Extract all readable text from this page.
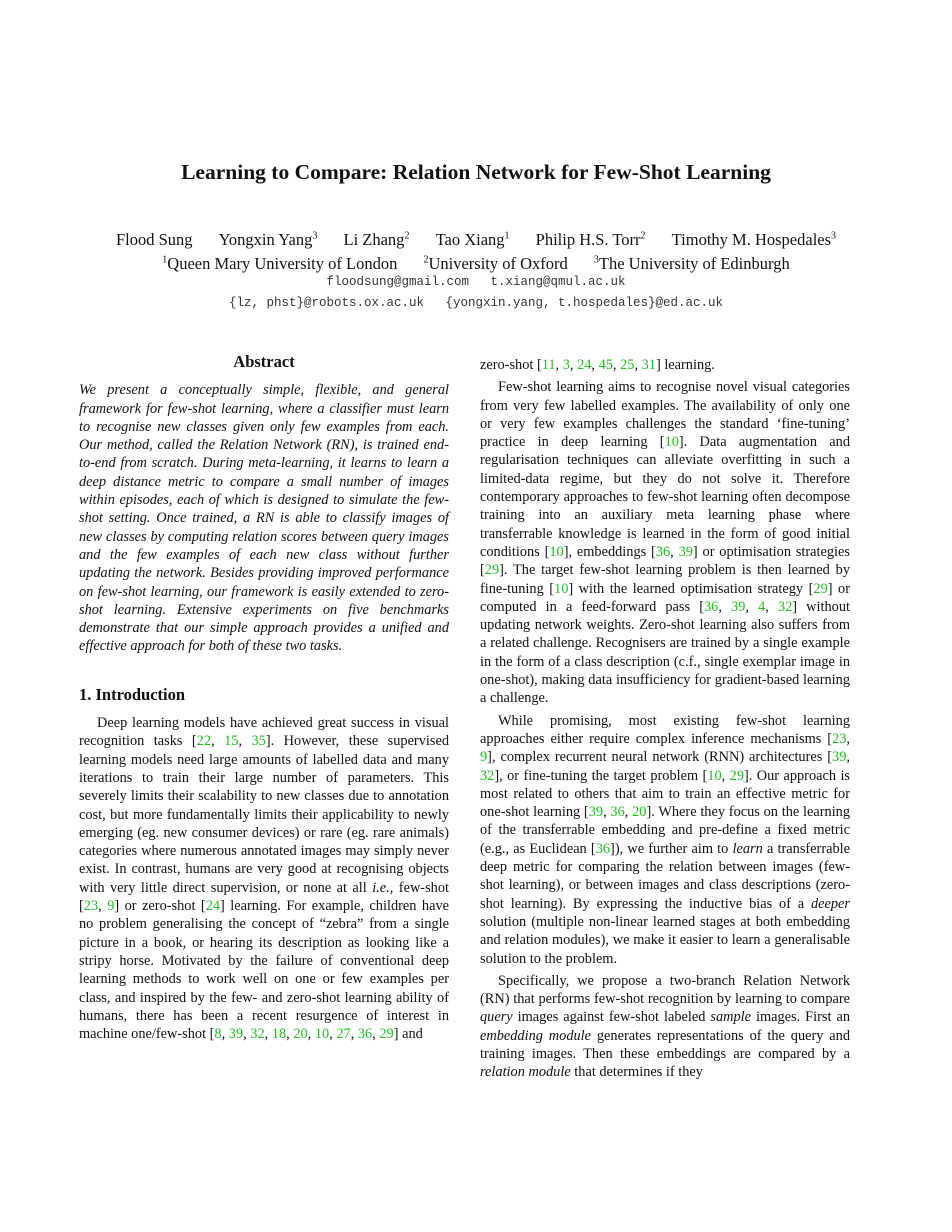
Learning to Compare: Relation Network for Few-Shot Learning
Flood Sung Yongxin Yang$^3$ Li Zhang$^2$ Tao Xiang$^1$ Philip H.S. Torr$^2$ Timothy M. Hospedales$^3$
$^1$Queen Mary University of London	$^2$University of Oxford	$^3$The University of Edinburgh
floodsung@gmail.com t.xiang@qmul.ac.uk
{lz, phst}@robots.ox.ac.uk {yongxin.yang, t.hospedales}@ed.ac.uk
Abstract

We present a conceptually simple, flexible, and general framework for few-shot learning, where a classifier must learn to recognise new classes given only few examples from each. Our method, called the Relation Network (RN), is trained end-to-end from scratch. During meta-learning, it learns to learn a deep distance metric to compare a small number of images within episodes, each of which is designed to simulate the few-shot setting. Once trained, a RN is able to classify images of new classes by computing relation scores between query images and the few examples of each new class without further updating the network. Besides providing improved performance on few-shot learning, our framework is easily extended to zero-shot learning. Extensive experiments on five benchmarks demonstrate that our simple approach provides a unified and effective approach for both of these two tasks.

1. Introduction

Deep learning models have achieved great success in visual recognition tasks [22, 15, 35]. However, these supervised learning models need large amounts of labelled data and many iterations to train their large number of parameters. This severely limits their scalability to new classes due to annotation cost, but more fundamentally limits their applicability to newly emerging (eg. new consumer devices) or rare (eg. rare animals) categories where numerous annotated images may simply never exist. In contrast, humans are very good at recognising objects with very little direct supervision, or none at all i.e., few-shot [23, 9] or zero-shot [24] learning. For example, children have no problem generalising the concept of “zebra” from a single picture in a book, or hearing its description as looking like a stripy horse. Motivated by the failure of conventional deep learning methods to work well on one or few examples per class, and inspired by the few- and zero-shot learning ability of humans, there has been a recent resurgence of interest in machine one/few-shot [8, 39, 32, 18, 20, 10, 27, 36, 29] and

zero-shot [11, 3, 24, 45, 25, 31] learning.

Few-shot learning aims to recognise novel visual categories from very few labelled examples. The availability of only one or very few examples challenges the standard ‘fine-tuning’ practice in deep learning [10]. Data augmentation and regularisation techniques can alleviate overfitting in such a limited-data regime, but they do not solve it. Therefore contemporary approaches to few-shot learning often decompose training into an auxiliary meta learning phase where transferrable knowledge is learned in the form of good initial conditions [10], embeddings [36, 39] or optimisation strategies [29]. The target few-shot learning problem is then learned by fine-tuning [10] with the learned optimisation strategy [29] or computed in a feed-forward pass [36, 39, 4, 32] without updating network weights. Zero-shot learning also suffers from a related challenge. Recognisers are trained by a single example in the form of a class description (c.f., single exemplar image in one-shot), making data insufficiency for gradient-based learning a challenge.

While promising, most existing few-shot learning approaches either require complex inference mechanisms [23, 9], complex recurrent neural network (RNN) architectures [39, 32], or fine-tuning the target problem [10, 29]. Our approach is most related to others that aim to train an effective metric for one-shot learning [39, 36, 20]. Where they focus on the learning of the transferrable embedding and pre-define a fixed metric (e.g., as Euclidean [36]), we further aim to learn a transferrable deep metric for comparing the relation between images (few-shot learning), or between images and class descriptions (zero-shot learning). By expressing the inductive bias of a deeper solution (multiple non-linear learned stages at both embedding and relation modules), we make it easier to learn a generalisable solution to the problem.

Specifically, we propose a two-branch Relation Network (RN) that performs few-shot recognition by learning to compare query images against few-shot labeled sample images. First an embedding module generates representations of the query and training images. Then these embeddings are compared by a relation module that determines if they
